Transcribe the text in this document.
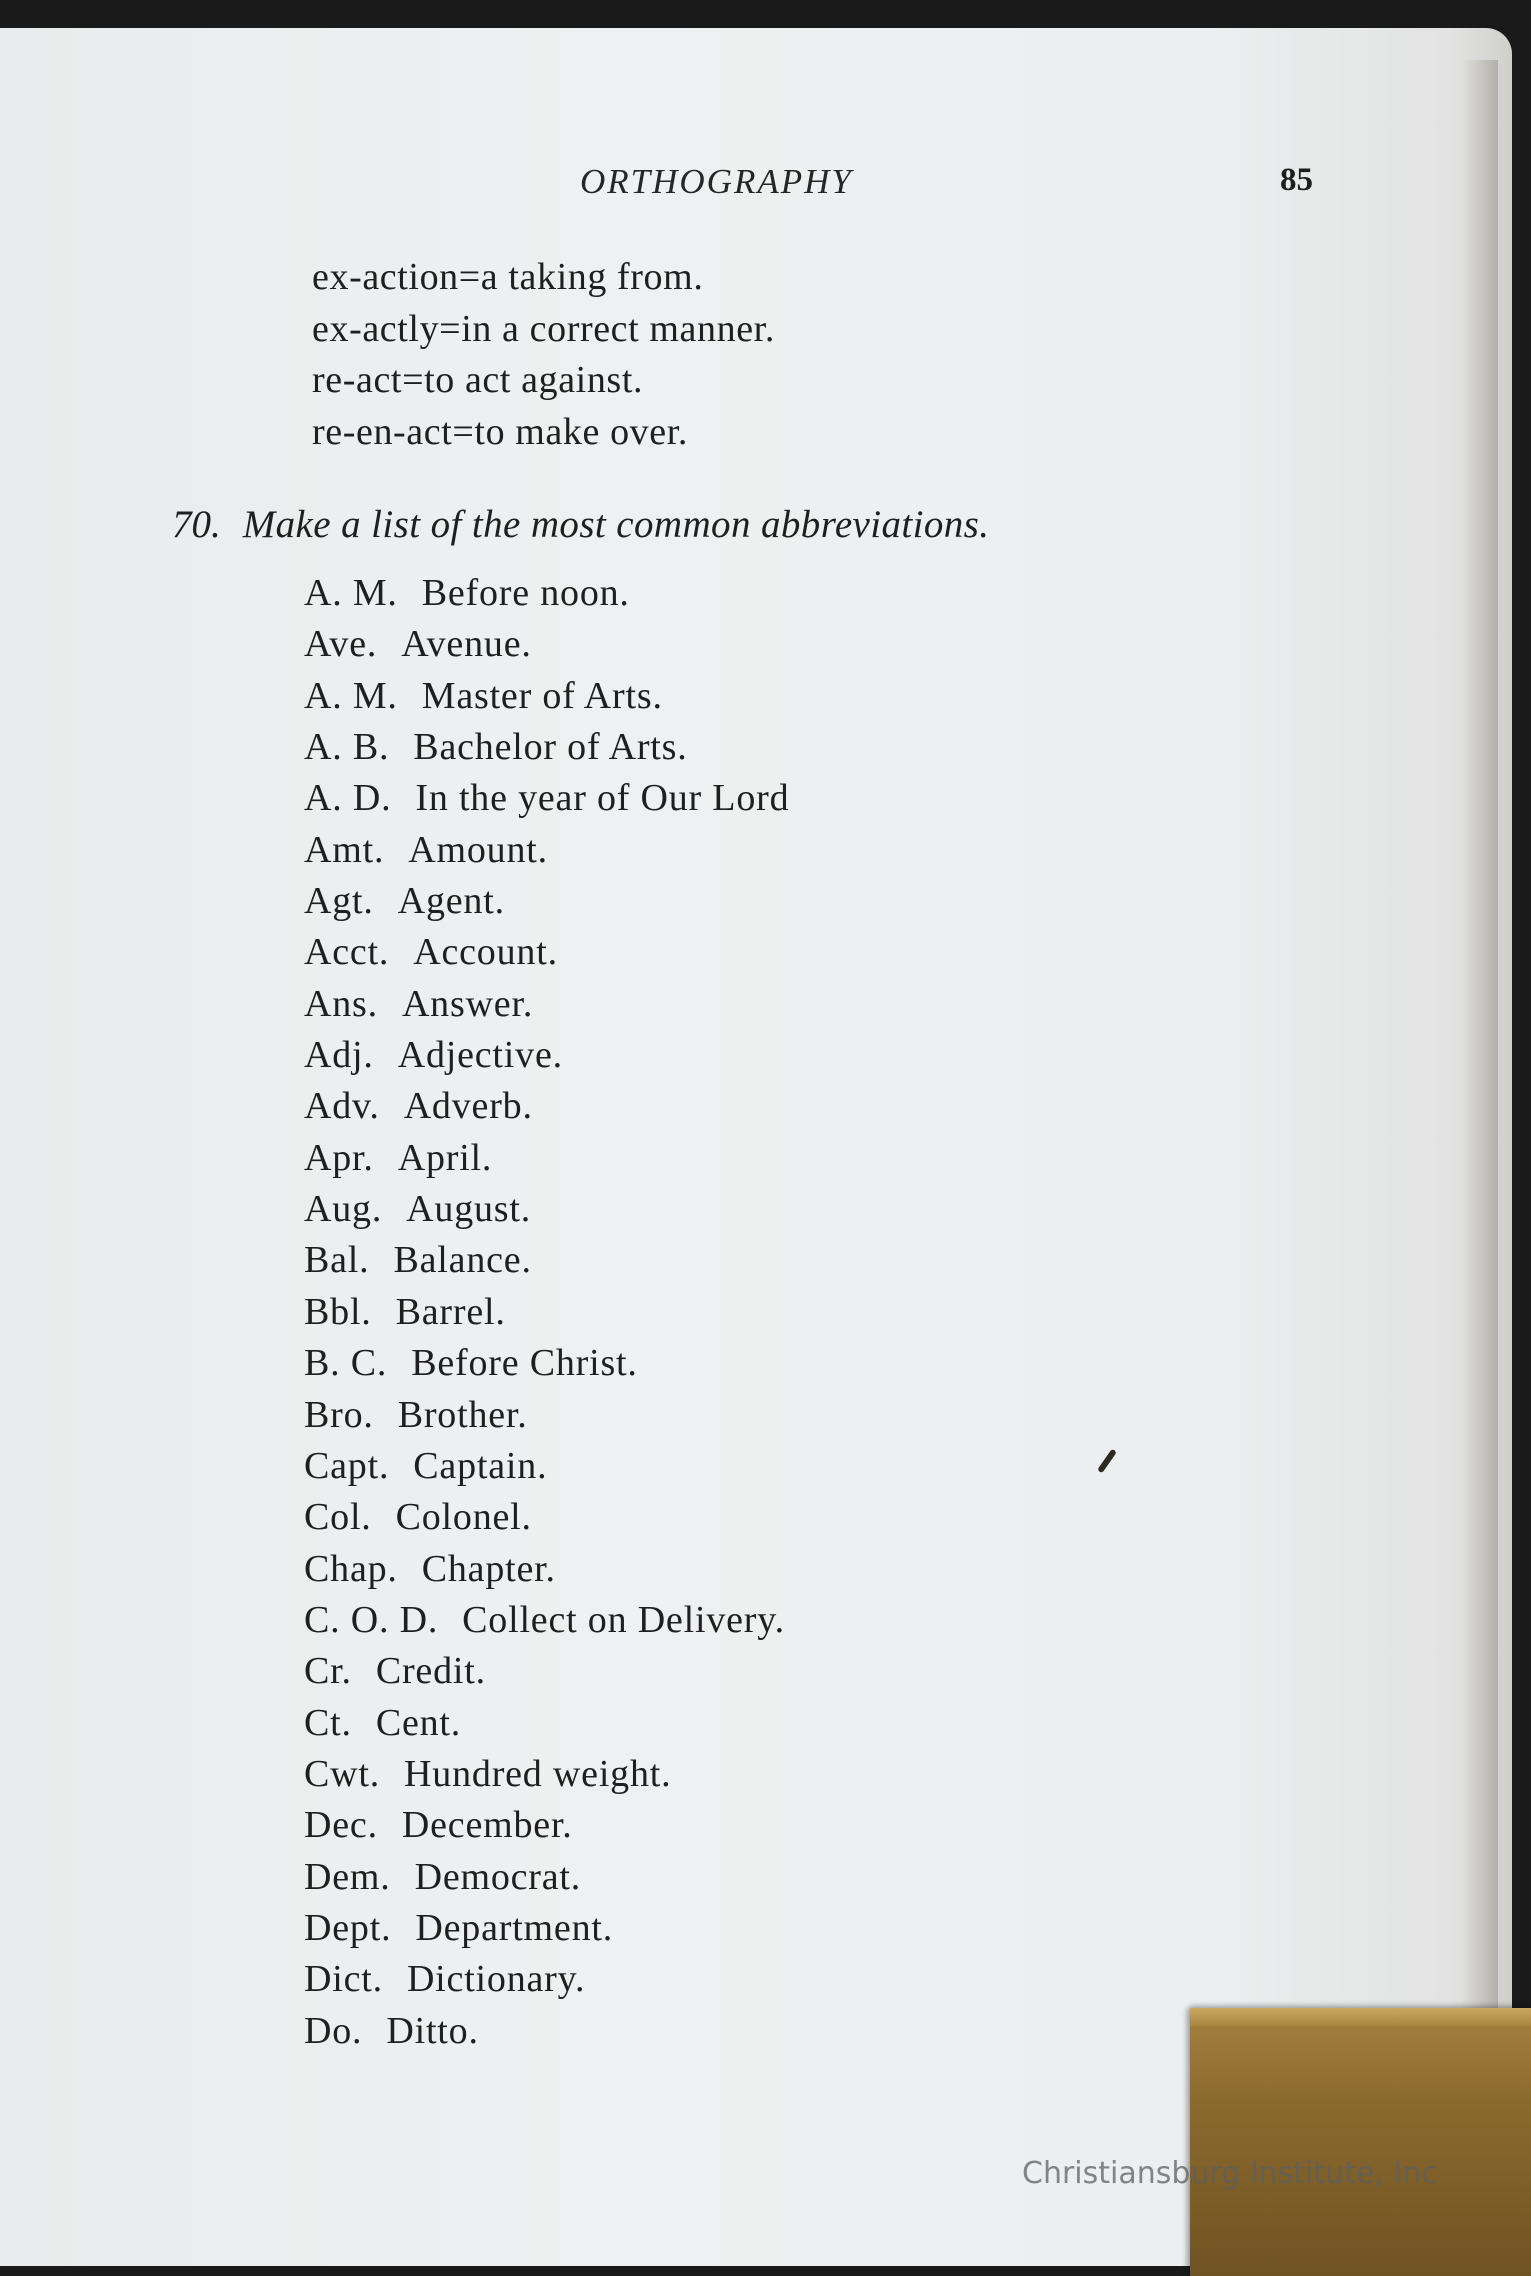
ORTHOGRAPHY	85
ex-action=a taking from.
ex-actly=in a correct manner.
re-act=to act against.
re-en-act=to make over.
70. Make a list of the most common abbreviations.
A. M. Before noon.
Ave. Avenue.
A. M. Master of Arts.
A. B. Bachelor of Arts.
A. D. In the year of Our Lord
Amt. Amount.
Agt. Agent.
Acct. Account.
Ans. Answer.
Adj. Adjective.
Adv. Adverb.
Apr. April.
Aug. August.
Bal. Balance.
Bbl. Barrel.
B. C. Before Christ.
Bro. Brother.
Capt. Captain.
Col. Colonel.
Chap. Chapter.
C. O. D. Collect on Delivery.
Cr. Credit.
Ct. Cent.
Cwt. Hundred weight.
Dec. December.
Dem. Democrat.
Dept. Department.
Dict. Dictionary.
Do. Ditto.
Christiansburg Institute, Inc
